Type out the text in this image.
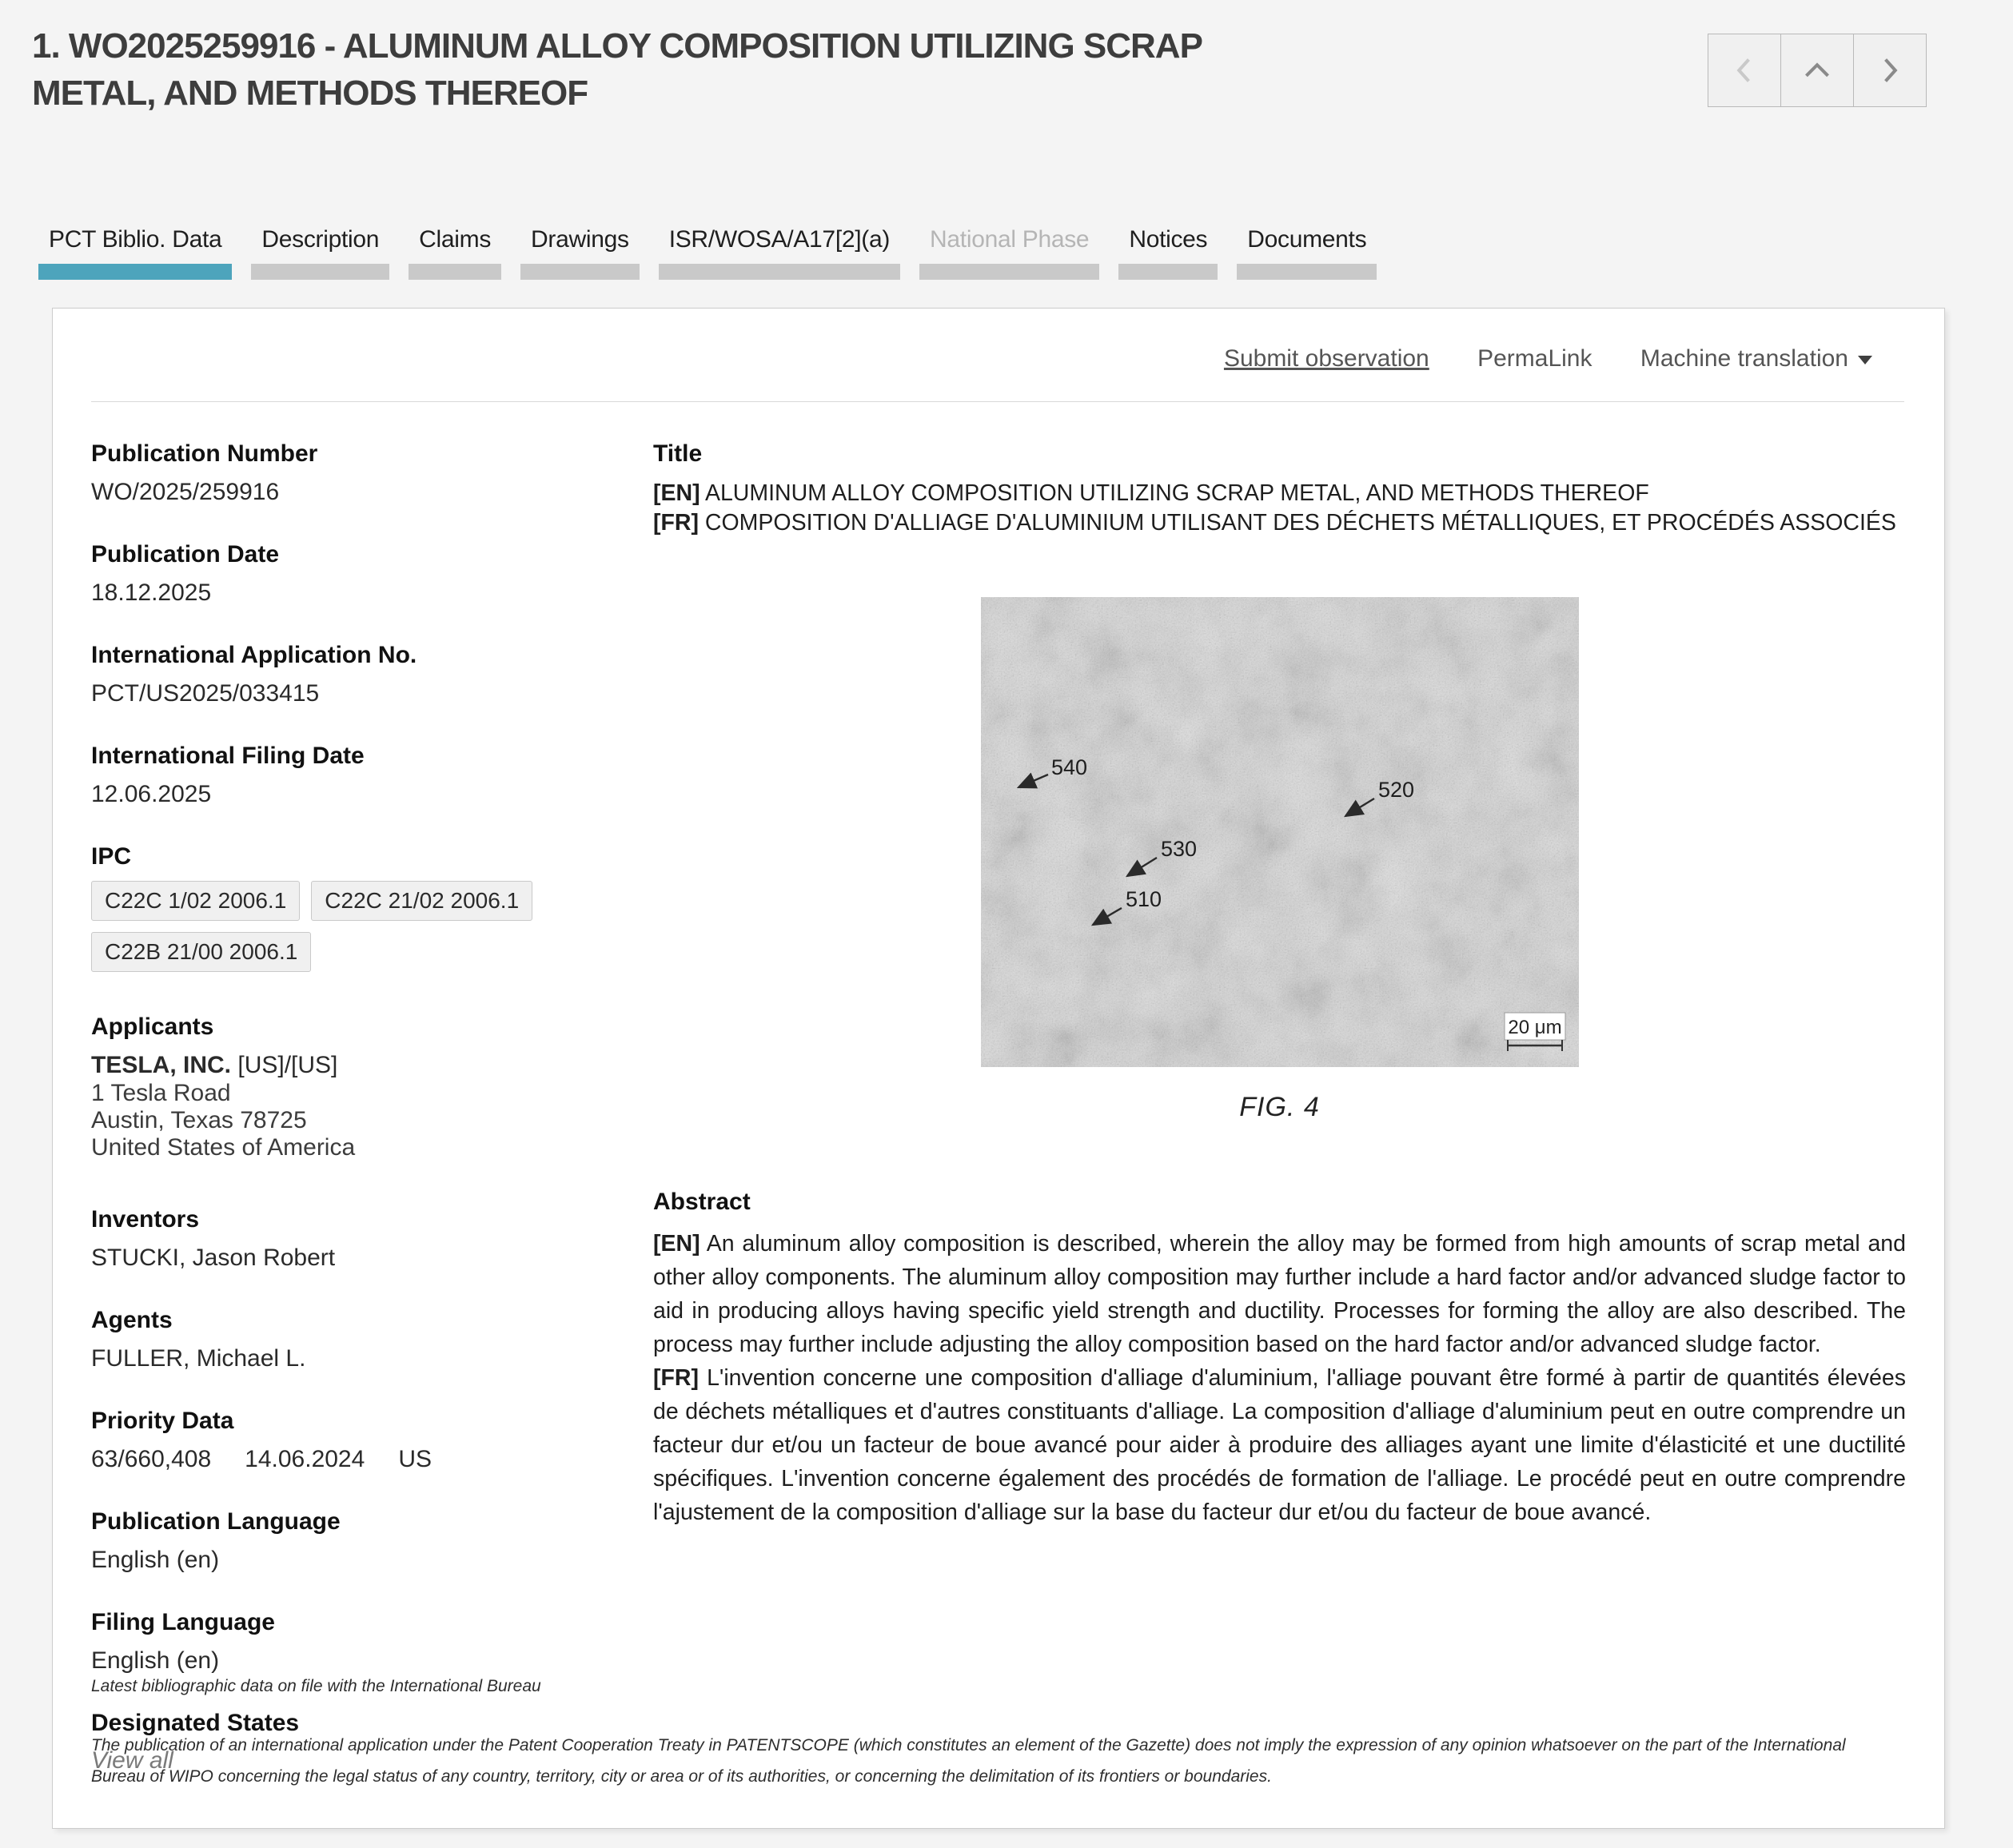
1. WO2025259916 - ALUMINUM ALLOY COMPOSITION UTILIZING SCRAP METAL, AND METHODS THEREOF
PCT Biblio. Data	Description	Claims	Drawings	ISR/WOSA/A17[2](a)	National Phase	Notices	Documents
Submit observation PermaLink Machine translation
Publication Number
WO/2025/259916
Publication Date
18.12.2025
International Application No.
PCT/US2025/033415
International Filing Date
12.06.2025
IPC
C22C 1/02 2006.1	C22C 21/02 2006.1
C22B 21/00 2006.1
Applicants
TESLA, INC. [US]/[US]
1 Tesla Road
Austin, Texas 78725
United States of America
Inventors
STUCKI, Jason Robert
Agents
FULLER, Michael L.
Priority Data
63/660,408 14.06.2024 US
Publication Language
English (en)
Filing Language
English (en)
Designated States
View all
Title
[EN] ALUMINUM ALLOY COMPOSITION UTILIZING SCRAP METAL, AND METHODS THEREOF
[FR] COMPOSITION D'ALLIAGE D'ALUMINIUM UTILISANT DES DÉCHETS MÉTALLIQUES, ET PROCÉDÉS ASSOCIÉS
540
520
530
510
20 μm
FIG. 4
Abstract

[EN] An aluminum alloy composition is described, wherein the alloy may be formed from high amounts of scrap metal and other alloy components. The aluminum alloy composition may further include a hard factor and/or advanced sludge factor to aid in producing alloys having specific yield strength and ductility. Processes for forming the alloy are also described. The process may further include adjusting the alloy composition based on the hard factor and/or advanced sludge factor.

[FR] L'invention concerne une composition d'alliage d'aluminium, l'alliage pouvant être formé à partir de quantités élevées de déchets métalliques et d'autres constituants d'alliage. La composition d'alliage d'aluminium peut en outre comprendre un facteur dur et/ou un facteur de boue avancé pour aider à produire des alliages ayant une limite d'élasticité et une ductilité spécifiques. L'invention concerne également des procédés de formation de l'alliage. Le procédé peut en outre comprendre l'ajustement de la composition d'alliage sur la base du facteur dur et/ou du facteur de boue avancé.

Latest bibliographic data on file with the International Bureau

The publication of an international application under the Patent Cooperation Treaty in PATENTSCOPE (which constitutes an element of the Gazette) does not imply the expression of any opinion whatsoever on the part of the International Bureau of WIPO concerning the legal status of any country, territory, city or area or of its authorities, or concerning the delimitation of its frontiers or boundaries.
